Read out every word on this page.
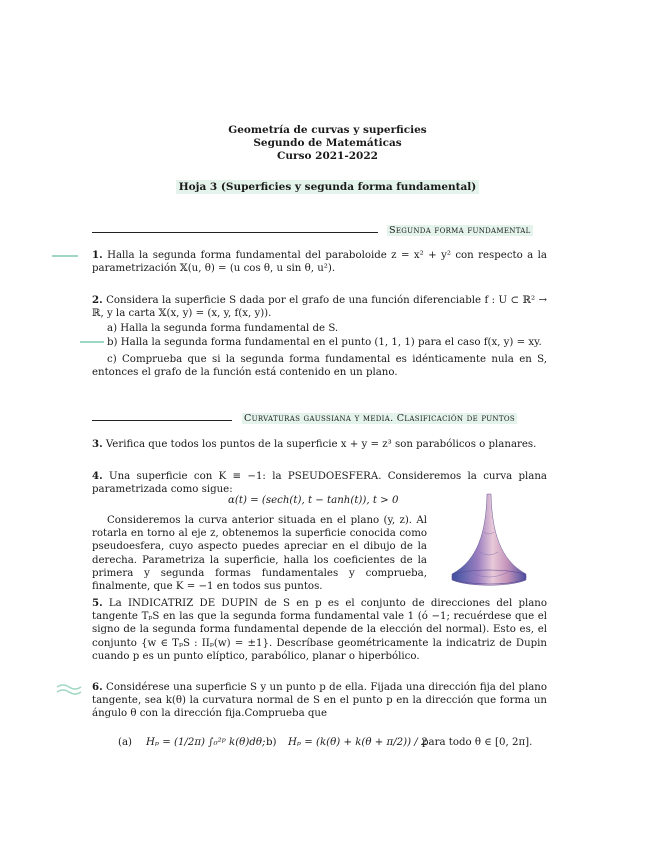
Geometría de curvas y superficies
Segundo de Matemáticas
Curso 2021-2022
Hoja 3 (Superficies y segunda forma fundamental)
Segunda forma fundamental
1. Halla la segunda forma fundamental del paraboloide z = x² + y² con respecto a la parametrización 𝕏(u, θ) = (u cos θ, u sin θ, u²).
2. Considera la superficie S dada por el grafo de una función diferenciable f : U ⊂ ℝ² → ℝ, y la carta 𝕏(x, y) = (x, y, f(x, y)).
a) Halla la segunda forma fundamental de S.
b) Halla la segunda forma fundamental en el punto (1, 1, 1) para el caso f(x, y) = xy.
c) Comprueba que si la segunda forma fundamental es idénticamente nula en S, entonces el grafo de la función está contenido en un plano.
Curvaturas gaussiana y media. Clasificación de puntos
3. Verifica que todos los puntos de la superficie x + y = z³ son parabólicos o planares.
4. Una superficie con K ≡ −1: la PSEUDOESFERA. Consideremos la curva plana parametrizada como sigue:
α(t) = (sech(t), t − tanh(t)), t > 0
Consideremos la curva anterior situada en el plano (y, z). Al rotarla en torno al eje z, obtenemos la superficie conocida como pseudoesfera, cuyo aspecto puedes apreciar en el dibujo de la derecha. Parametriza la superficie, halla los coeficientes de la primera y segunda formas fundamentales y comprueba, finalmente, que K = −1 en todos sus puntos.
5. La INDICATRIZ DE DUPIN de S en p es el conjunto de direcciones del plano tangente TₚS en las que la segunda forma fundamental vale 1 (ó −1; recuérdese que el signo de la segunda forma fundamental depende de la elección del normal). Esto es, el conjunto {w ∈ TₚS : IIₚ(w) = ±1}. Descríbase geométricamente la indicatriz de Dupin cuando p es un punto elíptico, parabólico, planar o hiperbólico.
6. Considérese una superficie S y un punto p de ella. Fijada una dirección fija del plano tangente, sea k(θ) la curvatura normal de S en el punto p en la dirección que forma un ángulo θ con la dirección fija.Comprueba que
(a) Hₚ = (1/2π) ∫₀²ᵖ k(θ)dθ; b) Hₚ = (k(θ) + k(θ + π/2)) / 2
para todo θ ∈ [0, 2π].
